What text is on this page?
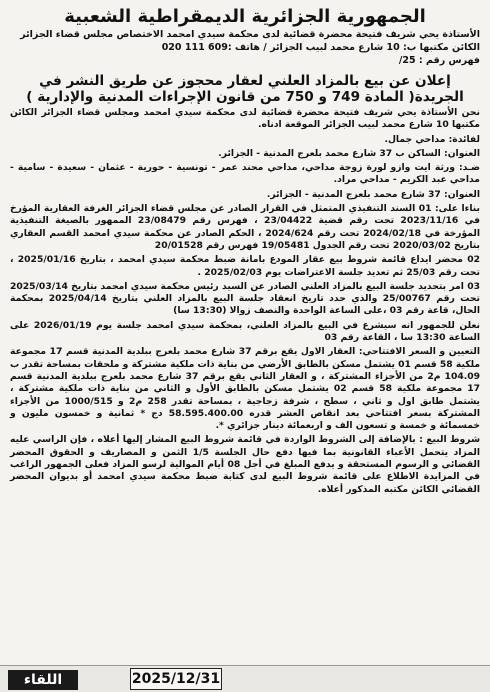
الجمهورية الجزائرية الديمقراطية الشعبية

الأستاذة يحي شريف فتيحة محضرة قضائية لدى محكمة سيدي امحمد الاختصاص مجلس قضاء الجزائر

الكائن مكتبها ب: 10 شارع محمد لبيب الجزائر / هاتف :609 111 020

فهرس رقم : 25/

إعلان عن بيع بالمزاد العلني لعقار محجوز عن طريق النشر في
الجريدة( المادة 749 و 750 من قانون الإجراءات المدنية والإدارية )

نحن الأستاذة يحي شريف فتيحة محضرة قضائية لدى محكمة سيدي امحمد ومجلس قضاء الجزائر الكائن مكتبها 10 شارع محمد لبيب الجزائر الموقعة ادناه.

لفائدة: مداحي جمال.

العنوان: الساكن ب 37 شارع محمد بلعرج المدنية - الجزائر.

ضـد: ورثة ايت وازو لورة زوجة مداحي، مداحي محند عمر - تونسية - حورية - عثمان - سعيدة - سامية - مداحي عبد الكريم - مداحي مراد.

العنوان: 37 شارع محمد بلعرج المدنية - الجزائر.

بناءا على: 01 السند التنفيذي المتمثل في القرار الصادر عن مجلس قضاء الجزائر الغرفة العقارية المؤرخ في 2023/11/16 تحت رقم قضية 23/04422 ، فهرس رقم 23/08479 الممهور بالصيغة التنفيذية المؤرخة في 2024/02/18 تحت رقم 2024/624 ، الحكم الصادر عن محكمة سيدي امحمد القسم العقاري بتاريخ 2020/03/02 تحت رقم الجدول 19/05481 فهرس رقم 20/01528

02 محضر ايداع قائمة شروط بيع عقار المودع بامانة ضبط محكمة سيدي امحمد ، بتاريخ 2025/01/16 ، تحت رقم 25/03 ثم تعديد جلسة الاعتراضات يوم 2025/02/03 .

03 امر بتحديد جلسة البيع بالمزاد العلني الصادر عن السيد رئيس محكمة سيدي امحمد بتاريخ 2025/03/14 تحت رقم 25/00767 والذي حدد تاريخ انعقاد جلسة البيع بالمزاد العلني بتاريخ 2025/04/14 بمحكمة الحال، قاعة رقم 03 ،على الساعة الواحدة والنصف زوالا (13:30 سا)

نعلن للجمهور انه سيشرع في البيع بالمزاد العلني، بمحكمة سيدي امحمد جلسة يوم 2026/01/19 على الساعة 13:30 سا ، القاعة رقم 03

التعيين و السعر الافتتاحي: العقار الاول يقع برقم 37 شارع محمد بلعرج ببلدية المدنية قسم 17 مجموعة ملكية 58 قسم 01 يشتمل مسكن بالطابق الأرضي من بناية ذات ملكية مشتركة و ملحقات بمساحة تقدر ب 104.09 م2 من الأجزاء المشتركة ، و العقار الثاني يقع برقم 37 شارع محمد بلعرج ببلدية المدنية قسم 17 مجموعة ملكية 58 قسم 02 يشتمل مسكن بالطابق الأول و الثاني من بناية ذات ملكية مشتركة ، يشتمل طابق اول و ثاني ، سطح ، شرفة زجاجية ، بمساحة تقدر 258 م2 و 1000/515 من الأجزاء المشتركة بسعر افتتاحي بعد انقاص العشر قدره 58.595.400.00 دج * ثمانية و خمسون مليون و خمسمائة و خمسة و تسعون الف و اربعمائة دينار جزائري *.

شروط البيع : بالإضافة إلى الشروط الواردة في قائمة شروط البيع المشار إليها أعلاه ، فإن الراسي عليه المزاد يتحمل الأعباء القانونية بما فيها دفع حال الجلسة 1/5 الثمن و المصاريف و الحقوق المحضر القضائي و الرسوم المستحقة و يدفع المبلغ في أجل 08 أيام الموالية لرسو المزاد فعلى الجمهور الراغب في المزايدة الاطلاع على قائمة شروط البيع لدى كتابة ضبط محكمة سيدي امحمد أو بديوان المحضر القضائي الكائن مكتبه المذكور أعلاه.

2025/12/31
اللقاء
